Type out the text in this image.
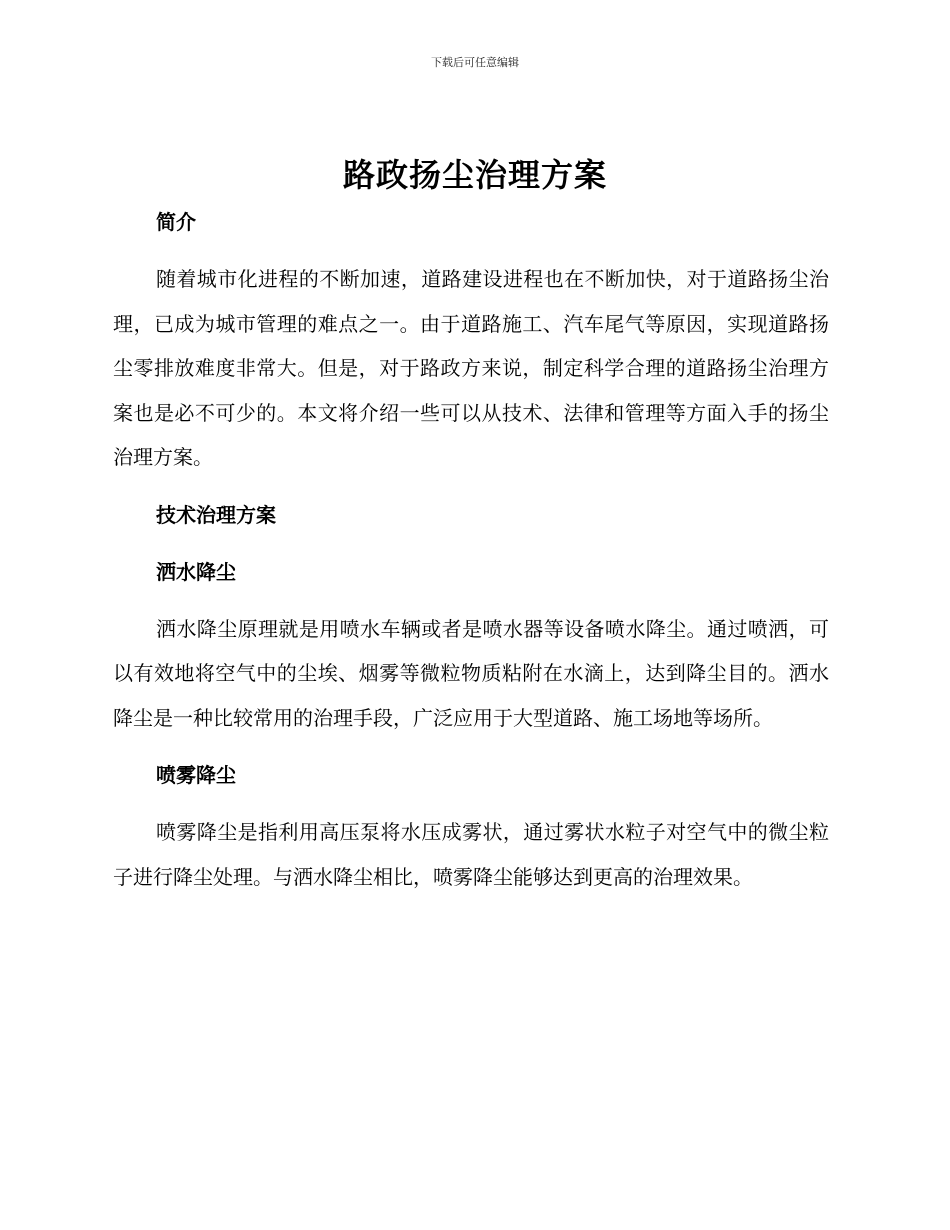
下载后可任意编辑
路政扬尘治理方案

简介

随着城市化进程的不断加速，道路建设进程也在不断加快，对于道路扬尘治理，已成为城市管理的难点之一。由于道路施工、汽车尾气等原因，实现道路扬尘零排放难度非常大。但是，对于路政方来说，制定科学合理的道路扬尘治理方案也是必不可少的。本文将介绍一些可以从技术、法律和管理等方面入手的扬尘治理方案。

技术治理方案

洒水降尘

洒水降尘原理就是用喷水车辆或者是喷水器等设备喷水降尘。通过喷洒，可以有效地将空气中的尘埃、烟雾等微粒物质粘附在水滴上，达到降尘目的。洒水降尘是一种比较常用的治理手段，广泛应用于大型道路、施工场地等场所。

喷雾降尘

喷雾降尘是指利用高压泵将水压成雾状，通过雾状水粒子对空气中的微尘粒子进行降尘处理。与洒水降尘相比，喷雾降尘能够达到更高的治理效果。
